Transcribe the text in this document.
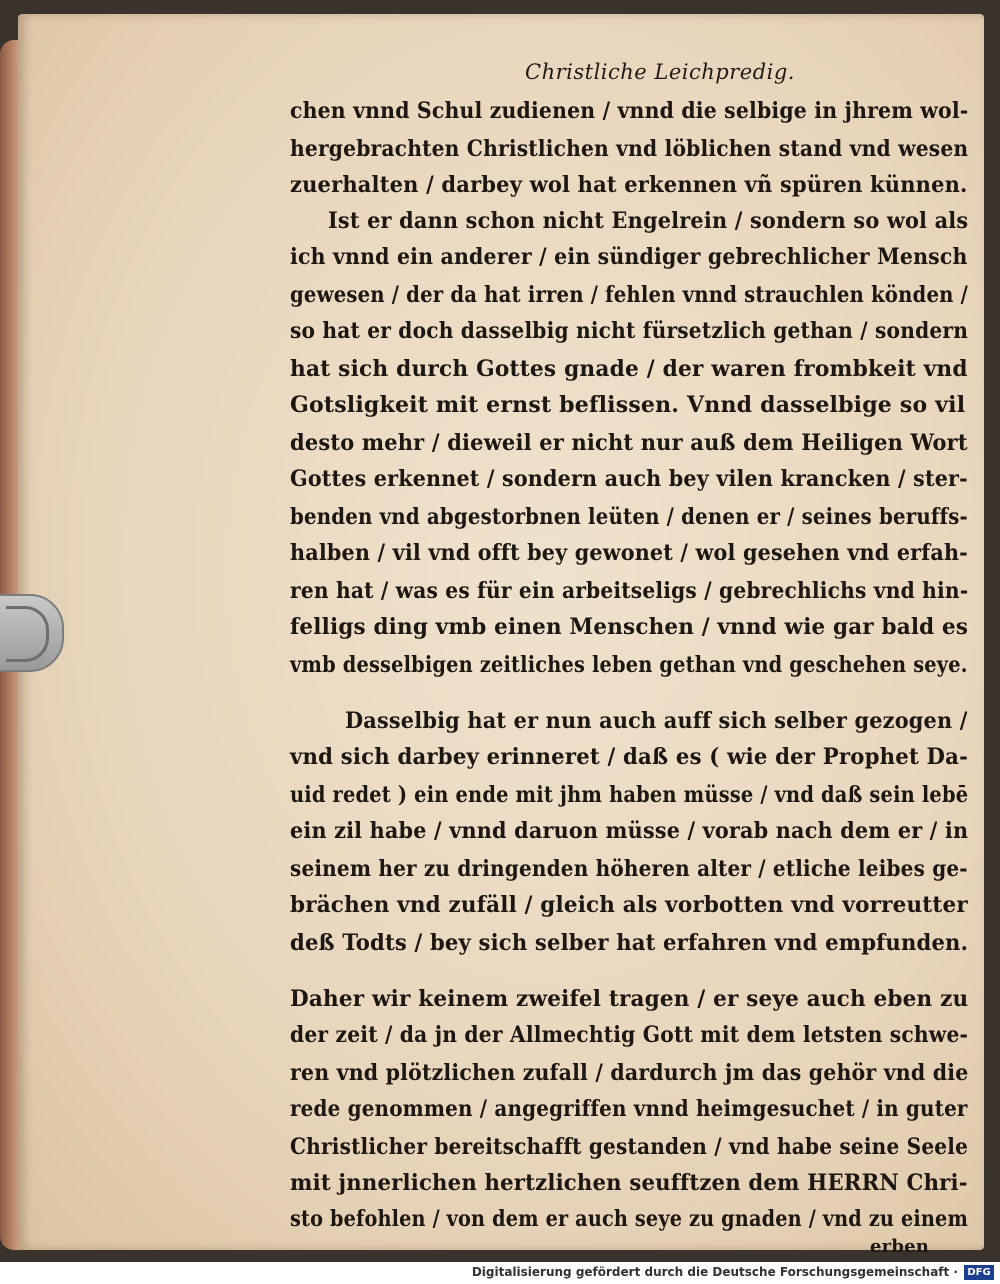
Christliche Leichpredig.
chen vnnd Schul zudienen / vnnd die selbige in jhrem wol-
hergebrachten Christlichen vnd löblichen stand vnd wesen
zuerhalten / darbey wol hat erkennen vñ spüren künnen.
Ist er dann schon nicht Engelrein / sondern so wol als
ich vnnd ein anderer / ein sündiger gebrechlicher Mensch
gewesen / der da hat irren / fehlen vnnd strauchlen könden /
so hat er doch dasselbig nicht fürsetzlich gethan / sondern
hat sich durch Gottes gnade / der waren frombkeit vnd
Gotsligkeit mit ernst beflissen. Vnnd dasselbige so vil
desto mehr / dieweil er nicht nur auß dem Heiligen Wort
Gottes erkennet / sondern auch bey vilen krancken / ster-
benden vnd abgestorbnen leüten / denen er / seines beruffs-
halben / vil vnd offt bey gewonet / wol gesehen vnd erfah-
ren hat / was es für ein arbeitseligs / gebrechlichs vnd hin-
felligs ding vmb einen Menschen / vnnd wie gar bald es
vmb desselbigen zeitliches leben gethan vnd geschehen seye.
Dasselbig hat er nun auch auff sich selber gezogen /
vnd sich darbey erinneret / daß es ( wie der Prophet Da-
uid redet ) ein ende mit jhm haben müsse / vnd daß sein lebē
ein zil habe / vnnd daruon müsse / vorab nach dem er / in
seinem her zu dringenden höheren alter / etliche leibes ge-
brächen vnd zufäll / gleich als vorbotten vnd vorreutter
deß Todts / bey sich selber hat erfahren vnd empfunden.
Daher wir keinem zweifel tragen / er seye auch eben zu
der zeit / da jn der Allmechtig Gott mit dem letsten schwe-
ren vnd plötzlichen zufall / dardurch jm das gehör vnd die
rede genommen / angegriffen vnnd heimgesuchet / in guter
Christlicher bereitschafft gestanden / vnd habe seine Seele
mit jnnerlichen hertzlichen seufftzen dem HERRN Chri-
sto befohlen / von dem er auch seye zu gnaden / vnd zu einem
erben
Digitalisierung gefördert durch die Deutsche Forschungsgemeinschaft · DFG
